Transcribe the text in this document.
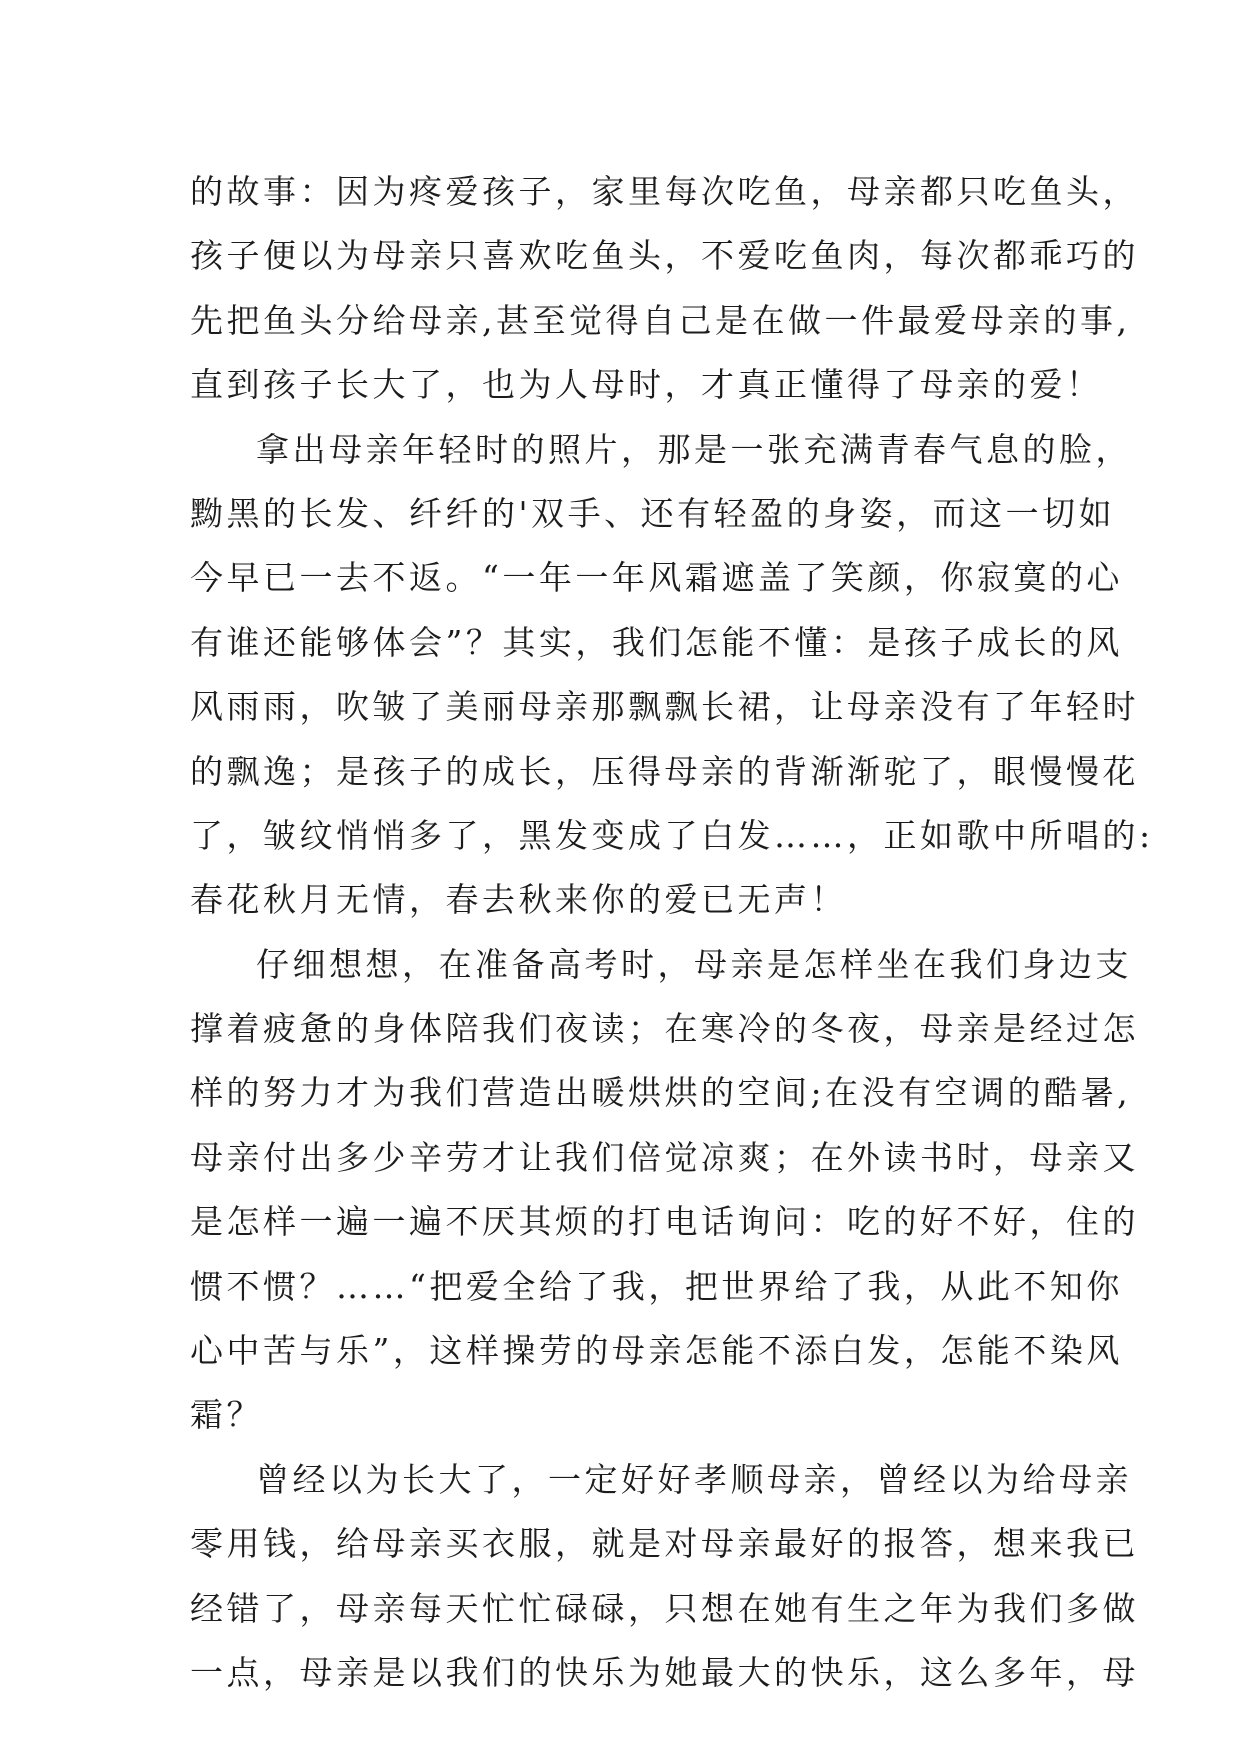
的故事：因为疼爱孩子，家里每次吃鱼，母亲都只吃鱼头，
孩子便以为母亲只喜欢吃鱼头，不爱吃鱼肉，每次都乖巧的
先把鱼头分给母亲,甚至觉得自己是在做一件最爱母亲的事,
直到孩子长大了，也为人母时，才真正懂得了母亲的爱！
拿出母亲年轻时的照片，那是一张充满青春气息的脸，
黝黑的长发、纤纤的'双手、还有轻盈的身姿，而这一切如
今早已一去不返。“一年一年风霜遮盖了笑颜，你寂寞的心
有谁还能够体会”？其实，我们怎能不懂：是孩子成长的风
风雨雨，吹皱了美丽母亲那飘飘长裙，让母亲没有了年轻时
的飘逸；是孩子的成长，压得母亲的背渐渐驼了，眼慢慢花
了，皱纹悄悄多了，黑发变成了白发……，正如歌中所唱的:
春花秋月无情，春去秋来你的爱已无声！
仔细想想，在准备高考时，母亲是怎样坐在我们身边支
撑着疲惫的身体陪我们夜读；在寒冷的冬夜，母亲是经过怎
样的努力才为我们营造出暖烘烘的空间;在没有空调的酷暑,
母亲付出多少辛劳才让我们倍觉凉爽；在外读书时，母亲又
是怎样一遍一遍不厌其烦的打电话询问：吃的好不好，住的
惯不惯？……“把爱全给了我，把世界给了我，从此不知你
心中苦与乐”，这样操劳的母亲怎能不添白发，怎能不染风
霜？
曾经以为长大了，一定好好孝顺母亲，曾经以为给母亲
零用钱，给母亲买衣服，就是对母亲最好的报答，想来我已
经错了，母亲每天忙忙碌碌，只想在她有生之年为我们多做
一点，母亲是以我们的快乐为她最大的快乐，这么多年，母
